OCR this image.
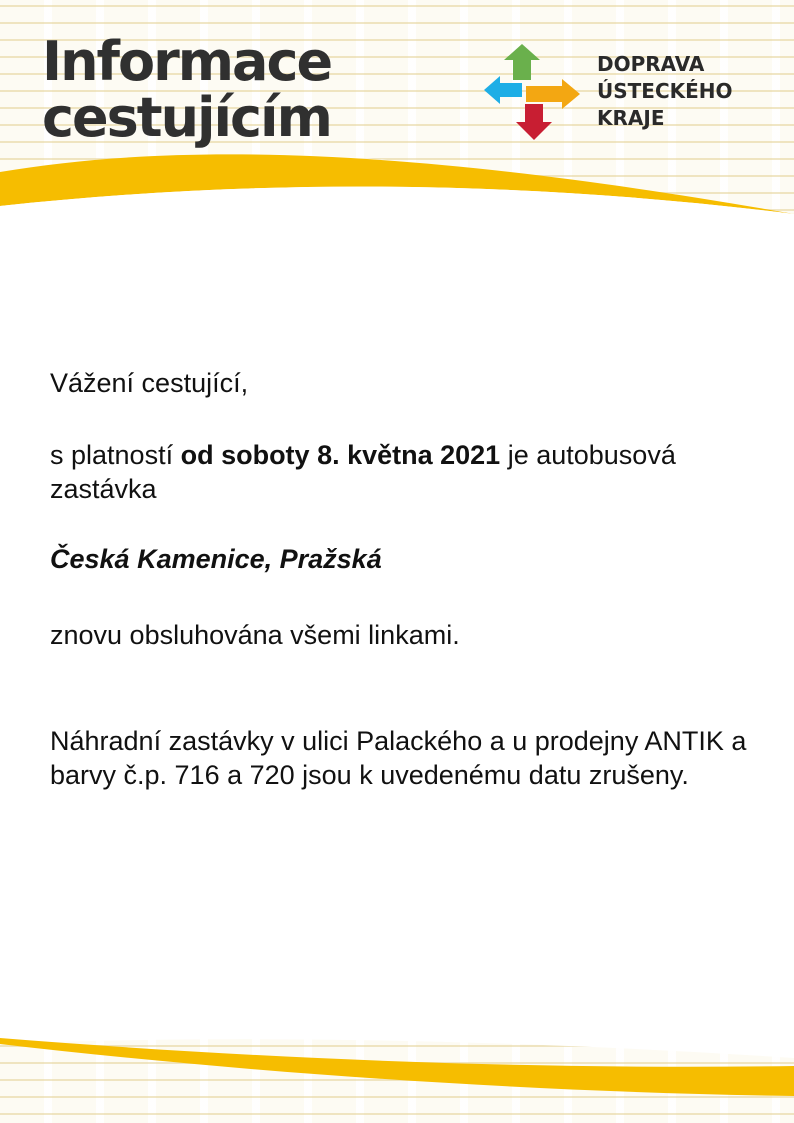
Informace
cestujícím
DOPRAVA
ÚSTECKÉHO
KRAJE

Vážení cestující,

s platností od soboty 8. května 2021 je autobusová zastávka

Česká Kamenice, Pražská

znovu obsluhována všemi linkami.

Náhradní zastávky v ulici Palackého a u prodejny ANTIK a barvy č.p. 716 a 720 jsou k uvedenému datu zrušeny.
